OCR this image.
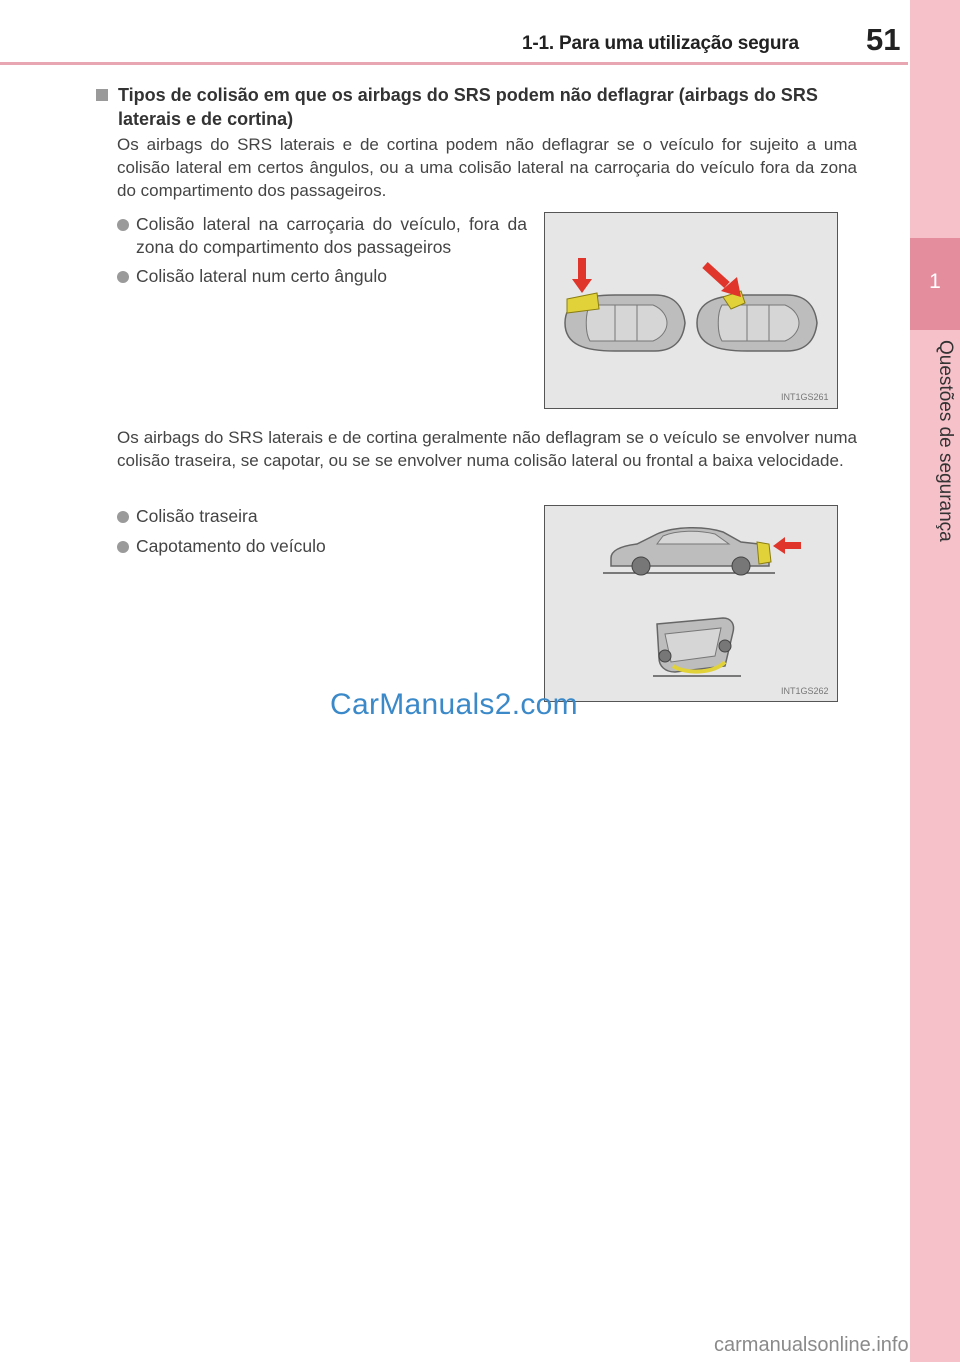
1-1. Para uma utilização segura 51
1
Questões de segurança
Tipos de colisão em que os airbags do SRS podem não deflagrar (airbags do SRS laterais e de cortina)
Os airbags do SRS laterais e de cortina podem não deflagrar se o veículo for sujeito a uma colisão lateral em certos ângulos, ou a uma colisão lateral na carroçaria do veículo fora da zona do compartimento dos passageiros.
Colisão lateral na carroçaria do veículo, fora da zona do compartimento dos passageiros
Colisão lateral num certo ângulo
INT1GS261
Os airbags do SRS laterais e de cortina geralmente não deflagram se o veículo se envolver numa colisão traseira, se capotar, ou se se envolver numa colisão lateral ou frontal a baixa velocidade.
Colisão traseira
Capotamento do veículo
INT1GS262
CarManuals2.com
carmanualsonline.info
